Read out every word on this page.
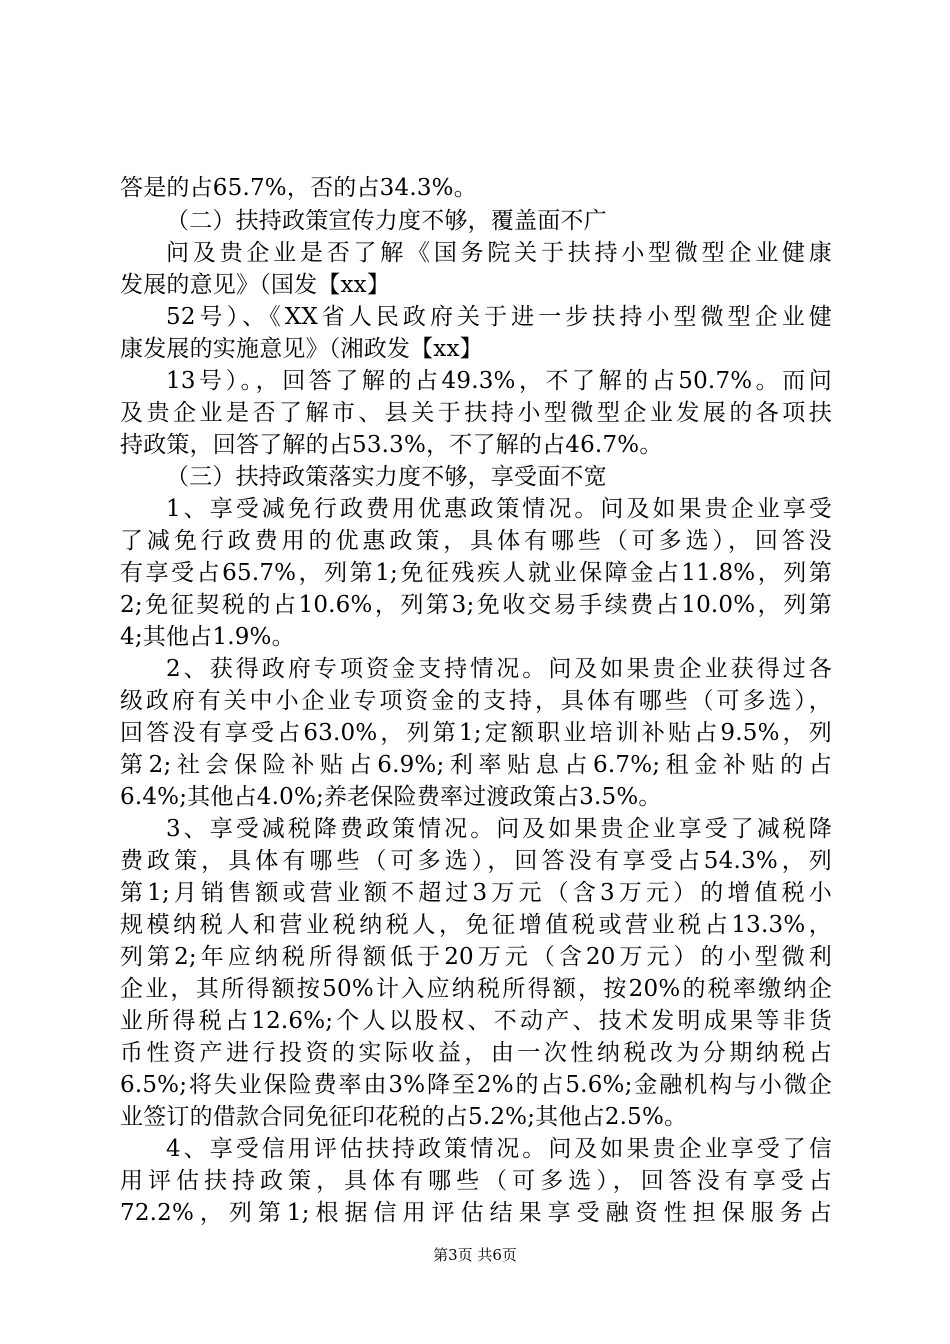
答是的占65.7%，否的占34.3%。
（二）扶持政策宣传力度不够，覆盖面不广
问及贵企业是否了解《国务院关于扶持小型微型企业健康
发展的意见》（国发【xx】
52号）、《XX省人民政府关于进一步扶持小型微型企业健
康发展的实施意见》（湘政发【xx】
13号）。，回答了解的占49.3%，不了解的占50.7%。而问
及贵企业是否了解市、县关于扶持小型微型企业发展的各项扶
持政策，回答了解的占53.3%，不了解的占46.7%。
（三）扶持政策落实力度不够，享受面不宽
1、享受减免行政费用优惠政策情况。问及如果贵企业享受
了减免行政费用的优惠政策，具体有哪些（可多选），回答没
有享受占65.7%，列第1;免征残疾人就业保障金占11.8%，列第
2;免征契税的占10.6%，列第3;免收交易手续费占10.0%，列第
4;其他占1.9%。
2、获得政府专项资金支持情况。问及如果贵企业获得过各
级政府有关中小企业专项资金的支持，具体有哪些（可多选），
回答没有享受占63.0%，列第1;定额职业培训补贴占9.5%，列
第2;社会保险补贴占6.9%;利率贴息占6.7%;租金补贴的占
6.4%;其他占4.0%;养老保险费率过渡政策占3.5%。
3、享受减税降费政策情况。问及如果贵企业享受了减税降
费政策，具体有哪些（可多选），回答没有享受占54.3%，列
第1;月销售额或营业额不超过3万元（含3万元）的增值税小
规模纳税人和营业税纳税人，免征增值税或营业税占13.3%，
列第2;年应纳税所得额低于20万元（含20万元）的小型微利
企业，其所得额按50%计入应纳税所得额，按20%的税率缴纳企
业所得税占12.6%;个人以股权、不动产、技术发明成果等非货
币性资产进行投资的实际收益，由一次性纳税改为分期纳税占
6.5%;将失业保险费率由3%降至2%的占5.6%;金融机构与小微企
业签订的借款合同免征印花税的占5.2%;其他占2.5%。
4、享受信用评估扶持政策情况。问及如果贵企业享受了信
用评估扶持政策，具体有哪些（可多选），回答没有享受占
72.2%，列第1;根据信用评估结果享受融资性担保服务占
第3页 共6页
